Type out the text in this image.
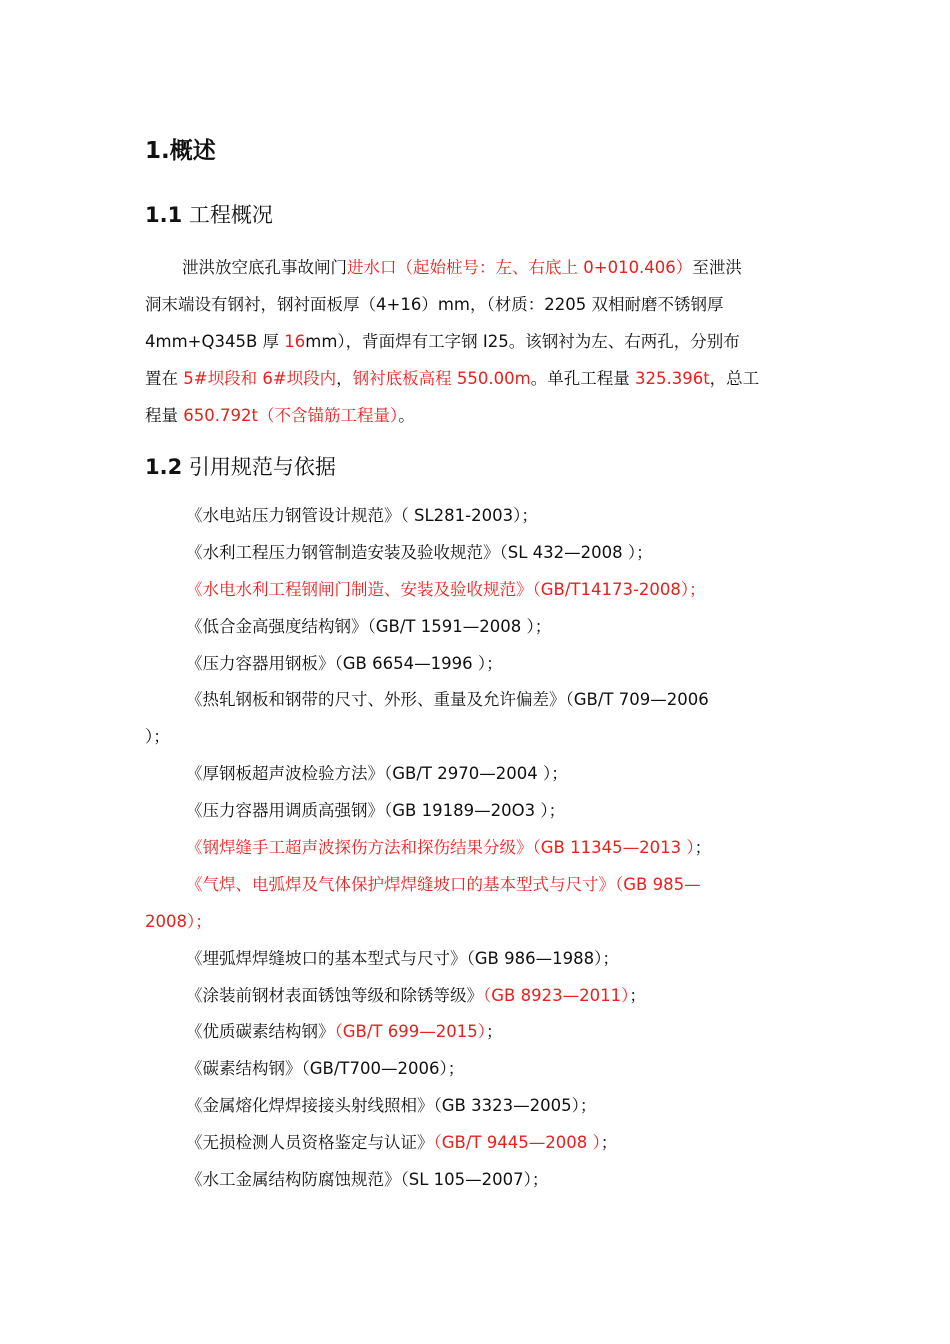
1.概述
1.1 工程概况
泄洪放空底孔事故闸门进水口（起始桩号：左、右底上 0+010.406）至泄洪
洞末端设有钢衬，钢衬面板厚（4+16）mm，（材质：2205 双相耐磨不锈钢厚
4mm+Q345B 厚 16mm），背面焊有工字钢 I25。该钢衬为左、右两孔，分别布
置在 5#坝段和 6#坝段内，钢衬底板高程 550.00m。单孔工程量 325.396t，总工
程量 650.792t（不含锚筋工程量）。
1.2 引用规范与依据
《水电站压力钢管设计规范》（ SL281-2003）；
《水利工程压力钢管制造安装及验收规范》（SL 432—2008 ）；
《水电水利工程钢闸门制造、安装及验收规范》（GB/T14173-2008）；
《低合金高强度结构钢》（GB/T 1591—2008 ）；
《压力容器用钢板》（GB 6654—1996 ）；
《热轧钢板和钢带的尺寸、外形、重量及允许偏差》（GB/T 709—2006
）；
《厚钢板超声波检验方法》（GB/T 2970—2004 ）；
《压力容器用调质高强钢》（GB 19189—20O3 ）；
《钢焊缝手工超声波探伤方法和探伤结果分级》（GB 11345—2013 ）；
《气焊、电弧焊及气体保护焊焊缝坡口的基本型式与尺寸》（GB 985—
2008）；
《埋弧焊焊缝坡口的基本型式与尺寸》（GB 986—1988）；
《涂装前钢材表面锈蚀等级和除锈等级》（GB 8923—2011）；
《优质碳素结构钢》（GB/T 699—2015）；
《碳素结构钢》（GB/T700—2006）；
《金属熔化焊焊接接头射线照相》（GB 3323—2005）；
《无损检测人员资格鉴定与认证》（GB/T 9445—2008 ）；
《水工金属结构防腐蚀规范》（SL 105—2007）；
